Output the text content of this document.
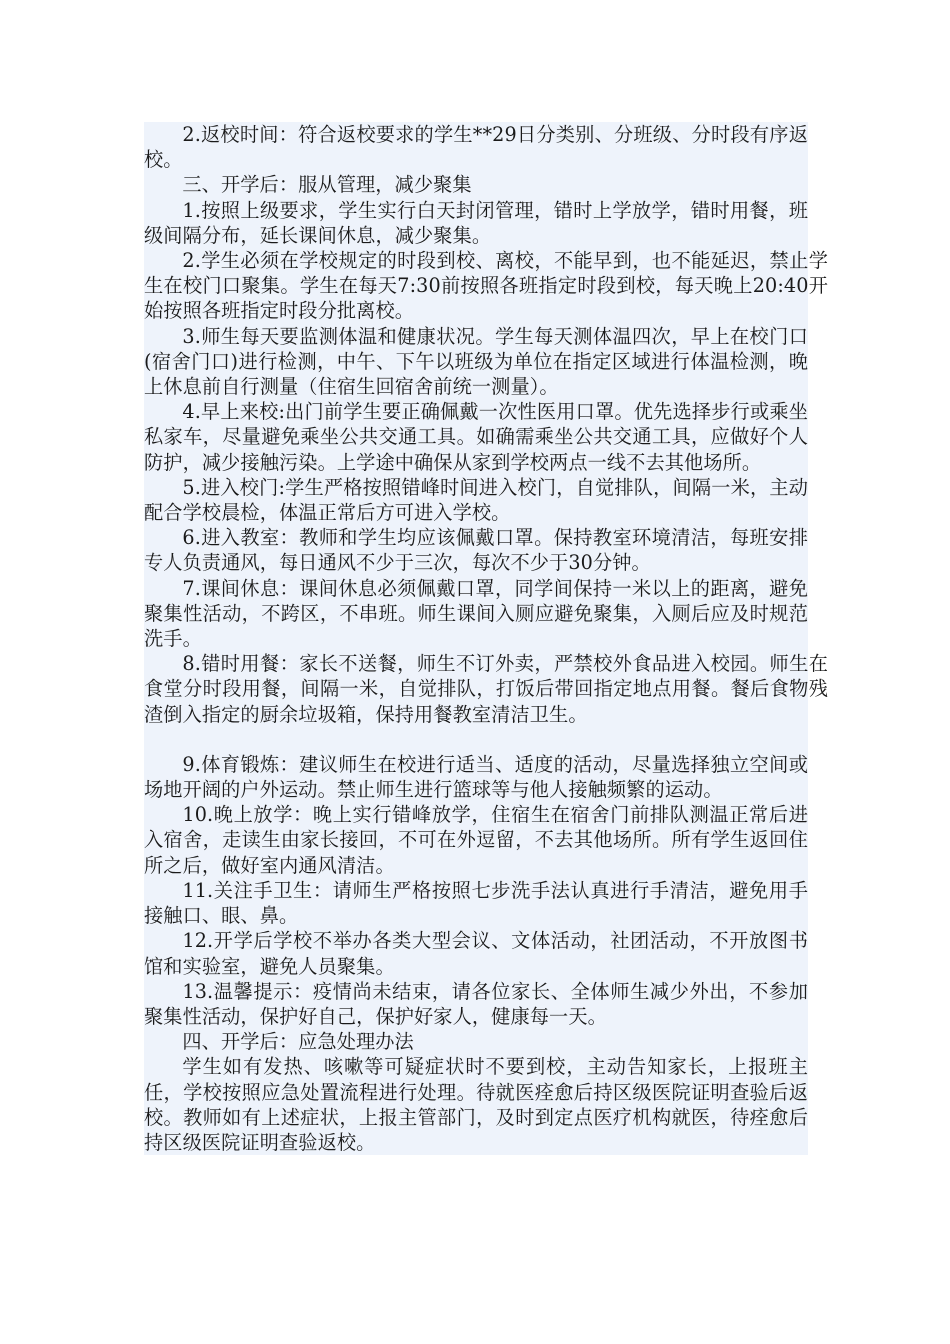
2.返校时间：符合返校要求的学生**29日分类别、分班级、分时段有序返校。

三、开学后：服从管理，减少聚集

1.按照上级要求，学生实行白天封闭管理，错时上学放学，错时用餐，班级间隔分布，延长课间休息，减少聚集。

2.学生必须在学校规定的时段到校、离校，不能早到，也不能延迟，禁止学生在校门口聚集。学生在每天7:30前按照各班指定时段到校，每天晚上20:40开始按照各班指定时段分批离校。

3.师生每天要监测体温和健康状况。学生每天测体温四次，早上在校门口(宿舍门口)进行检测，中午、下午以班级为单位在指定区域进行体温检测，晚上休息前自行测量（住宿生回宿舍前统一测量）。

4.早上来校:出门前学生要正确佩戴一次性医用口罩。优先选择步行或乘坐私家车，尽量避免乘坐公共交通工具。如确需乘坐公共交通工具，应做好个人防护，减少接触污染。上学途中确保从家到学校两点一线不去其他场所。

5.进入校门:学生严格按照错峰时间进入校门，自觉排队，间隔一米，主动配合学校晨检，体温正常后方可进入学校。

6.进入教室：教师和学生均应该佩戴口罩。保持教室环境清洁，每班安排专人负责通风，每日通风不少于三次，每次不少于30分钟。

7.课间休息：课间休息必须佩戴口罩，同学间保持一米以上的距离，避免聚集性活动，不跨区，不串班。师生课间入厕应避免聚集，入厕后应及时规范洗手。

8.错时用餐：家长不送餐，师生不订外卖，严禁校外食品进入校园。师生在食堂分时段用餐，间隔一米，自觉排队，打饭后带回指定地点用餐。餐后食物残渣倒入指定的厨余垃圾箱，保持用餐教室清洁卫生。

9.体育锻炼：建议师生在校进行适当、适度的活动，尽量选择独立空间或场地开阔的户外运动。禁止师生进行篮球等与他人接触频繁的运动。

10.晚上放学：晚上实行错峰放学，住宿生在宿舍门前排队测温正常后进入宿舍，走读生由家长接回，不可在外逗留，不去其他场所。所有学生返回住所之后，做好室内通风清洁。

11.关注手卫生：请师生严格按照七步洗手法认真进行手清洁，避免用手接触口、眼、鼻。

12.开学后学校不举办各类大型会议、文体活动，社团活动，不开放图书馆和实验室，避免人员聚集。

13.温馨提示：疫情尚未结束，请各位家长、全体师生减少外出，不参加聚集性活动，保护好自己，保护好家人，健康每一天。

四、开学后：应急处理办法

学生如有发热、咳嗽等可疑症状时不要到校，主动告知家长，上报班主任，学校按照应急处置流程进行处理。待就医痊愈后持区级医院证明查验后返校。教师如有上述症状，上报主管部门，及时到定点医疗机构就医，待痊愈后持区级医院证明查验返校。
